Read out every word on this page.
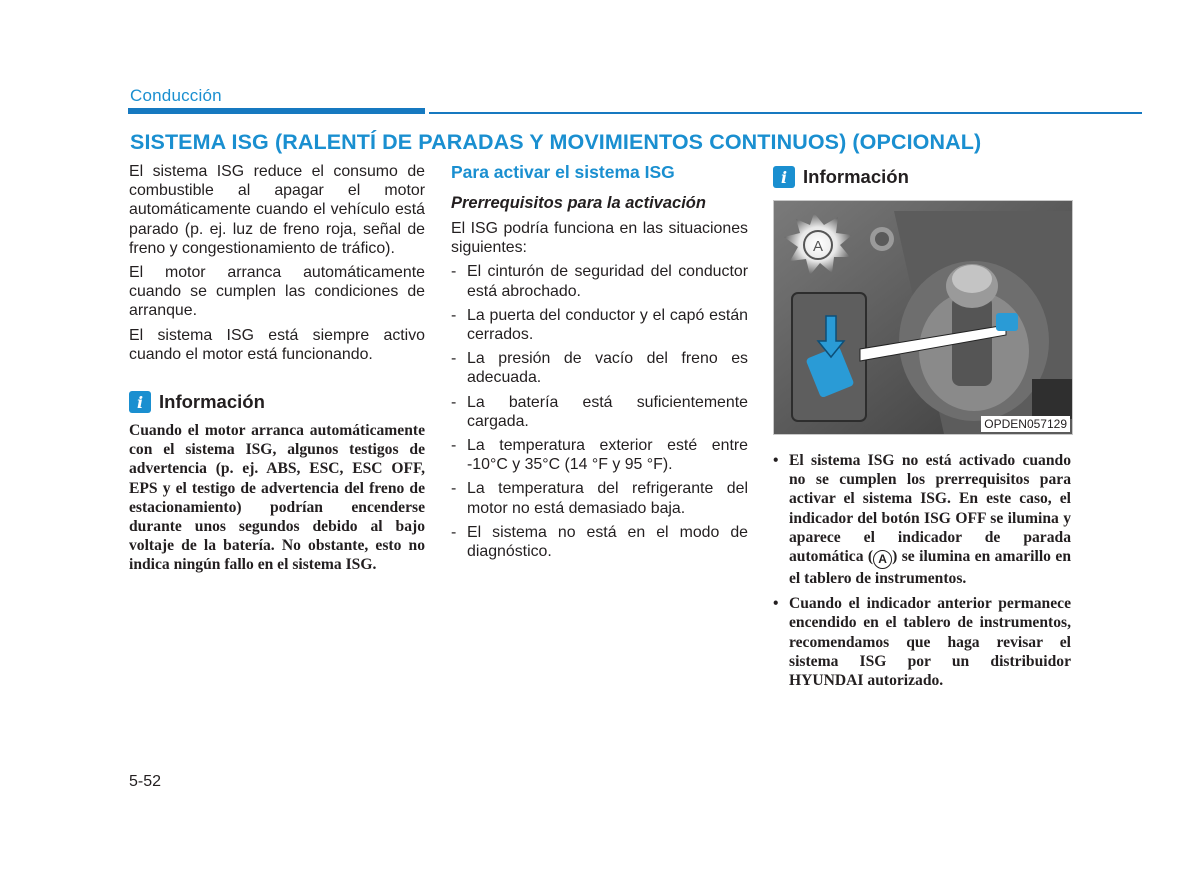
Conducción
SISTEMA ISG (RALENTÍ DE PARADAS Y MOVIMIENTOS CONTINUOS) (OPCIONAL)

El sistema ISG reduce el consumo de combustible al apagar el motor automáticamente cuando el vehículo está parado (p. ej. luz de freno roja, señal de freno y congestionamiento de tráfico).

El motor arranca automáticamente cuando se cumplen las condiciones de arranque.

El sistema ISG está siempre activo cuando el motor está funcionando.

i Información

Cuando el motor arranca automáticamente con el sistema ISG, algunos testigos de advertencia (p. ej. ABS, ESC, ESC OFF, EPS y el testigo de advertencia del freno de estacionamiento) podrían encenderse durante unos segundos debido al bajo voltaje de la batería. No obstante, esto no indica ningún fallo en el sistema ISG.

Para activar el sistema ISG
Prerrequisitos para la activación

El ISG podría funciona en las situaciones siguientes:

- El cinturón de seguridad del conductor está abrochado.
- La puerta del conductor y el capó están cerrados.
- La presión de vacío del freno es adecuada.
- La batería está suficientemente cargada.
- La temperatura exterior esté entre -10°C y 35°C (14 °F y 95 °F).
- La temperatura del refrigerante del motor no está demasiado baja.
- El sistema no está en el modo de diagnóstico.
i Información
A
OPDEN057129
• El sistema ISG no está activado cuando no se cumplen los prerrequisitos para activar el sistema ISG. En este caso, el indicador del botón ISG OFF se ilumina y aparece el indicador de parada automática ( A ) se ilumina en amarillo en el tablero de instrumentos.
• Cuando el indicador anterior permanece encendido en el tablero de instrumentos, recomendamos que haga revisar el sistema ISG por un distribuidor HYUNDAI autorizado.
5-52
